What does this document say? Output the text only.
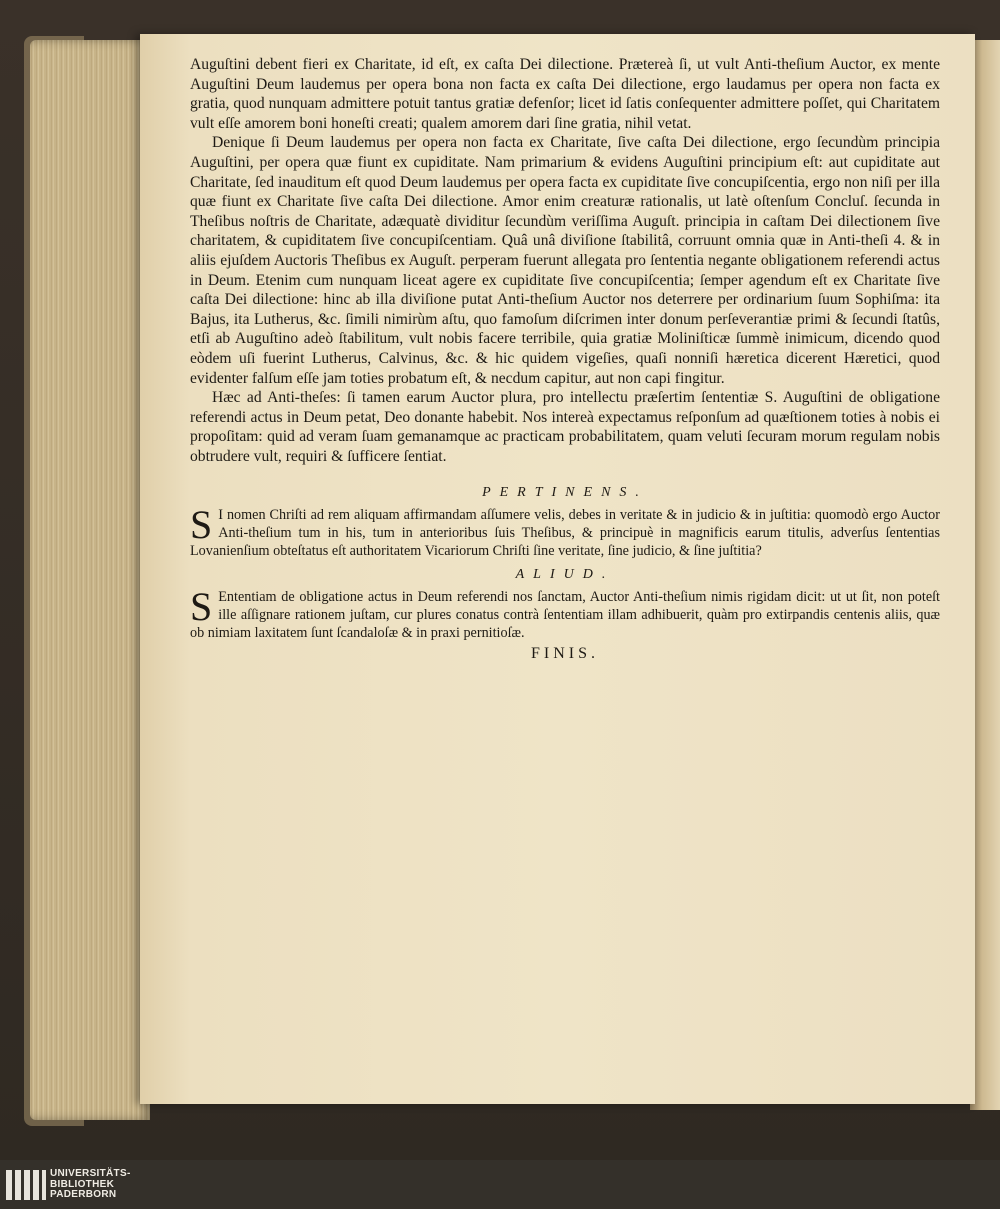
Auguſtini debent fieri ex Charitate, id eſt, ex caſta Dei dilectione. Prætereà ſi, ut vult Anti-theſium Auctor, ex mente Auguſtini Deum laudemus per opera bona non facta ex caſta Dei dilectione, ergo laudamus per opera non facta ex gratia, quod nunquam admittere potuit tantus gratiæ defenſor; licet id ſatis conſequenter admittere poſſet, qui Charitatem vult eſſe amorem boni honeſti creati; qualem amorem dari ſine gratia, nihil vetat.

Denique ſi Deum laudemus per opera non facta ex Charitate, ſive caſta Dei dilectione, ergo ſecundùm principia Auguſtini, per opera quæ fiunt ex cupiditate. Nam primarium & evidens Auguſtini principium eſt: aut cupiditate aut Charitate, ſed inauditum eſt quod Deum laudemus per opera facta ex cupiditate ſive concupiſcentia, ergo non niſi per illa quæ fiunt ex Charitate ſive caſta Dei dilectione. Amor enim creaturæ rationalis, ut latè oſtenſum Concluſ. ſecunda in Theſibus noſtris de Charitate, adæquatè dividitur ſecundùm veriſſima Auguſt. principia in caſtam Dei dilectionem ſive charitatem, & cupiditatem ſive concupiſcentiam. Quâ unâ diviſione ſtabilitâ, corruunt omnia quæ in Anti-theſi 4. & in aliis ejuſdem Auctoris Theſibus ex Auguſt. perperam fuerunt allegata pro ſententia negante obligationem referendi actus in Deum. Etenim cum nunquam liceat agere ex cupiditate ſive concupiſcentia; ſemper agendum eſt ex Charitate ſive caſta Dei dilectione: hinc ab illa diviſione putat Anti-theſium Auctor nos deterrere per ordinarium ſuum Sophiſma: ita Bajus, ita Lutherus, &c. ſimili nimirùm aſtu, quo famoſum diſcrimen inter donum perſeverantiæ primi & ſecundi ſtatûs, etſi ab Auguſtino adeò ſtabilitum, vult nobis facere terribile, quia gratiæ Moliniſticæ ſummè inimicum, dicendo quod eòdem uſi fuerint Lutherus, Calvinus, &c. & hic quidem vigeſies, quaſi nonniſi hæretica dicerent Hæretici, quod evidenter falſum eſſe jam toties probatum eſt, & necdum capitur, aut non capi fingitur.

Hæc ad Anti-theſes: ſi tamen earum Auctor plura, pro intellectu præſertim ſententiæ S. Auguſtini de obligatione referendi actus in Deum petat, Deo donante habebit. Nos intereà expectamus reſponſum ad quæſtionem toties à nobis ei propoſitam: quid ad veram ſuam gemanamque ac practicam probabilitatem, quam veluti ſecuram morum regulam nobis obtrudere vult, requiri & ſufficere ſentiat.

PERTINENS.

S I nomen Chriſti ad rem aliquam affirmandam aſſumere velis, debes in veritate & in judicio & in juſtitia: quomodò ergo Auctor Anti-theſium tum in his, tum in anterioribus ſuis Theſibus, & principuè in magnificis earum titulis, adverſus ſententias Lovanienſium obteſtatus eſt authoritatem Vicariorum Chriſti ſine veritate, ſine judicio, & ſine juſtitia?

ALIUD.

S Ententiam de obligatione actus in Deum referendi nos ſanctam, Auctor Anti-theſium nimis rigidam dicit: ut ut ſit, non poteſt ille aſſignare rationem juſtam, cur plures conatus contrà ſententiam illam adhibuerit, quàm pro extirpandis centenis aliis, quæ ob nimiam laxitatem ſunt ſcandaloſæ & in praxi pernitioſæ.

FINIS.
UNIVERSITÄTS-
BIBLIOTHEK
PADERBORN
